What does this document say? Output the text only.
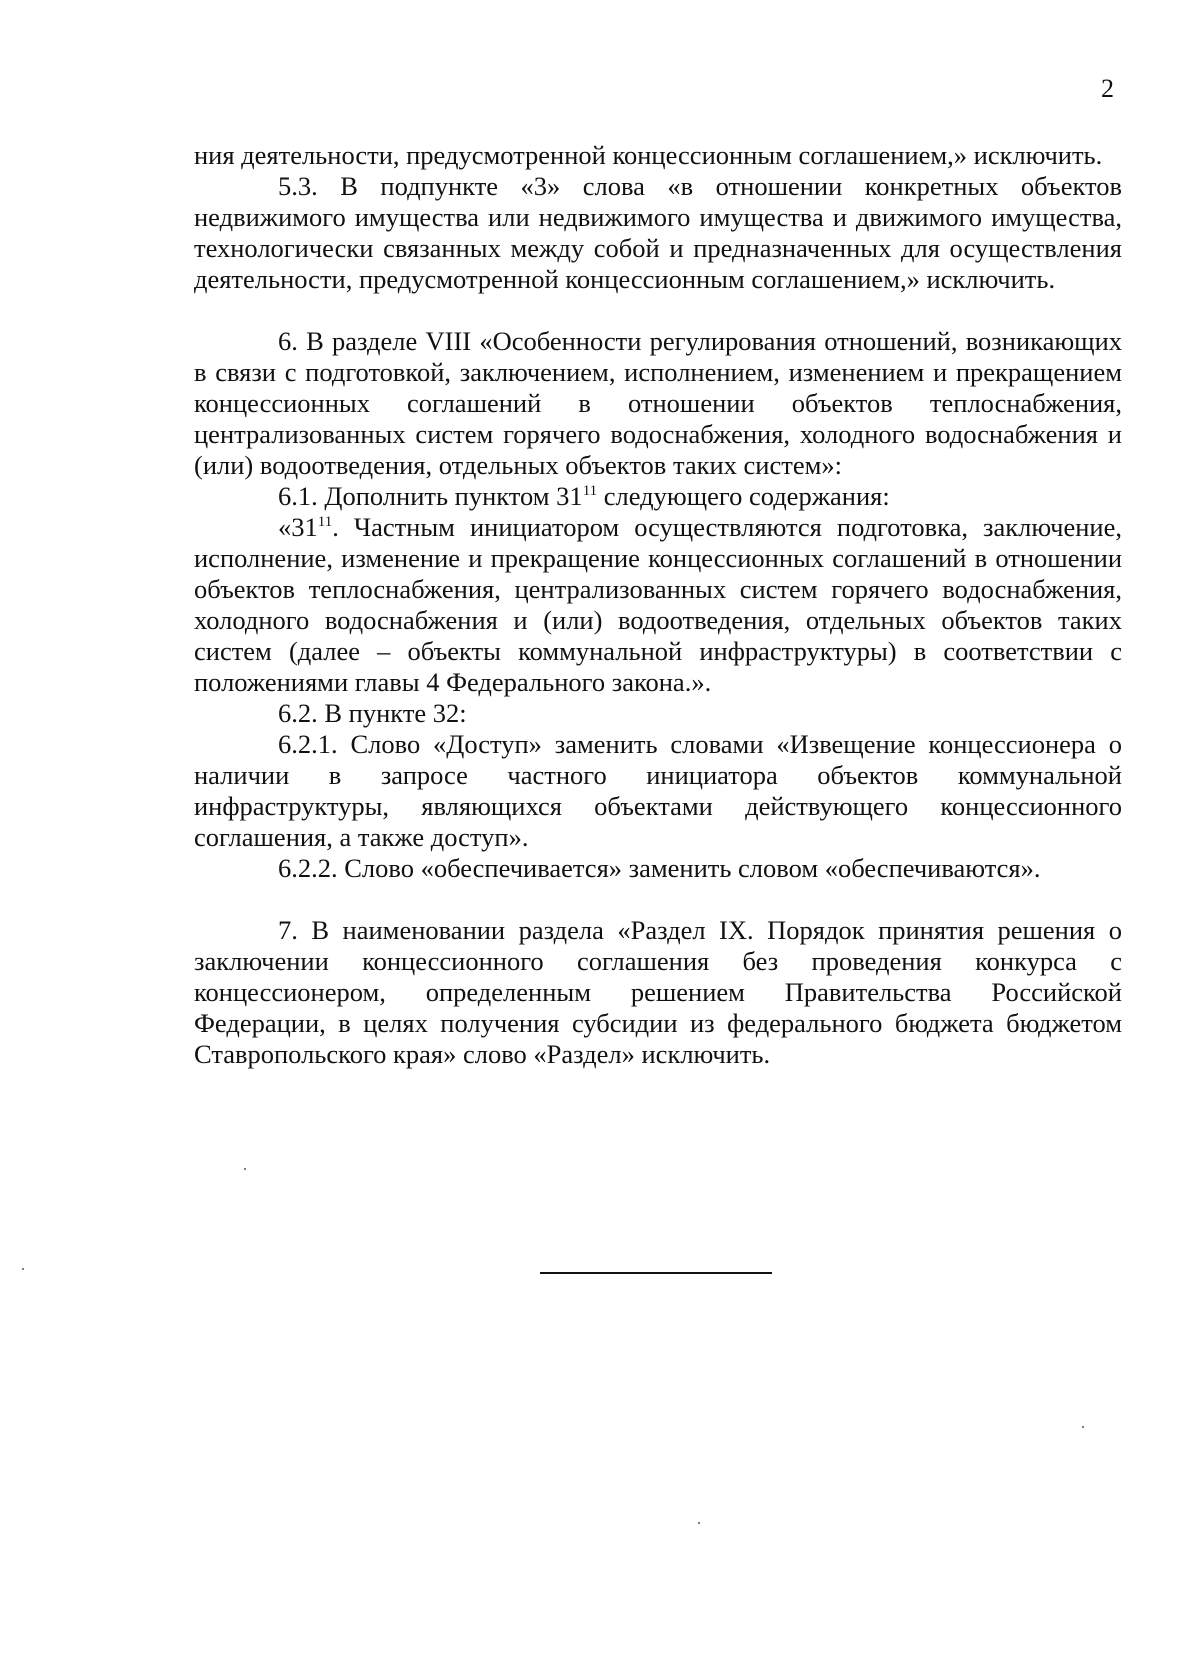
2

ния деятельности, предусмотренной концессионным соглашением,» исключить.

5.3. В подпункте «3» слова «в отношении конкретных объектов недвижимого имущества или недвижимого имущества и движимого имущества, технологически связанных между собой и предназначенных для осуществления деятельности, предусмотренной концессионным соглашением,» исключить.

6. В разделе VIII «Особенности регулирования отношений, возникающих в связи с подготовкой, заключением, исполнением, изменением и прекращением концессионных соглашений в отношении объектов теплоснабжения, централизованных систем горячего водоснабжения, холодного водоснабжения и (или) водоотведения, отдельных объектов таких систем»:

6.1. Дополнить пунктом $31^{11}$ следующего содержания:

«$31^{11}$. Частным инициатором осуществляются подготовка, заключение, исполнение, изменение и прекращение концессионных соглашений в отношении объектов теплоснабжения, централизованных систем горячего водоснабжения, холодного водоснабжения и (или) водоотведения, отдельных объектов таких систем (далее – объекты коммунальной инфраструктуры) в соответствии с положениями главы 4 Федерального закона.».

6.2. В пункте 32:

6.2.1. Слово «Доступ» заменить словами «Извещение концессионера о наличии в запросе частного инициатора объектов коммунальной инфраструктуры, являющихся объектами действующего концессионного соглашения, а также доступ».

6.2.2. Слово «обеспечивается» заменить словом «обеспечиваются».

7. В наименовании раздела «Раздел IX. Порядок принятия решения о заключении концессионного соглашения без проведения конкурса с концессионером, определенным решением Правительства Российской Федерации, в целях получения субсидии из федерального бюджета бюджетом Ставропольского края» слово «Раздел» исключить.
